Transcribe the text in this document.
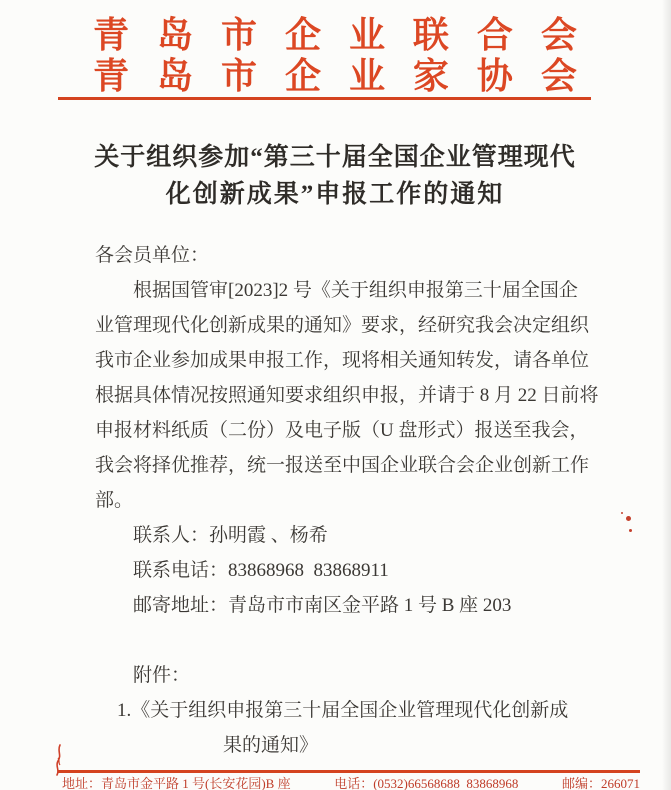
青 岛 市 企 业 联 合 会
青 岛 市 企 业 家 协 会
关于组织参加“第三十届全国企业管理现代
化创新成果”申报工作的通知
各会员单位：
根据国管审[2023]2 号《关于组织申报第三十届全国企
业管理现代化创新成果的通知》要求，经研究我会决定组织
我市企业参加成果申报工作，现将相关通知转发，请各单位
根据具体情况按照通知要求组织申报，并请于 8 月 22 日前将
申报材料纸质（二份）及电子版（U 盘形式）报送至我会，
我会将择优推荐，统一报送至中国企业联合会企业创新工作
部。
联系人：孙明霞 、杨希
联系电话：83868968  83868911
邮寄地址：青岛市市南区金平路 1 号 B 座 203
附件：
1.《关于组织申报第三十届全国企业管理现代化创新成
果的通知》
地址：青岛市金平路 1 号(长安花园)B 座	电话：(0532)66568688  83868968	邮编：266071
